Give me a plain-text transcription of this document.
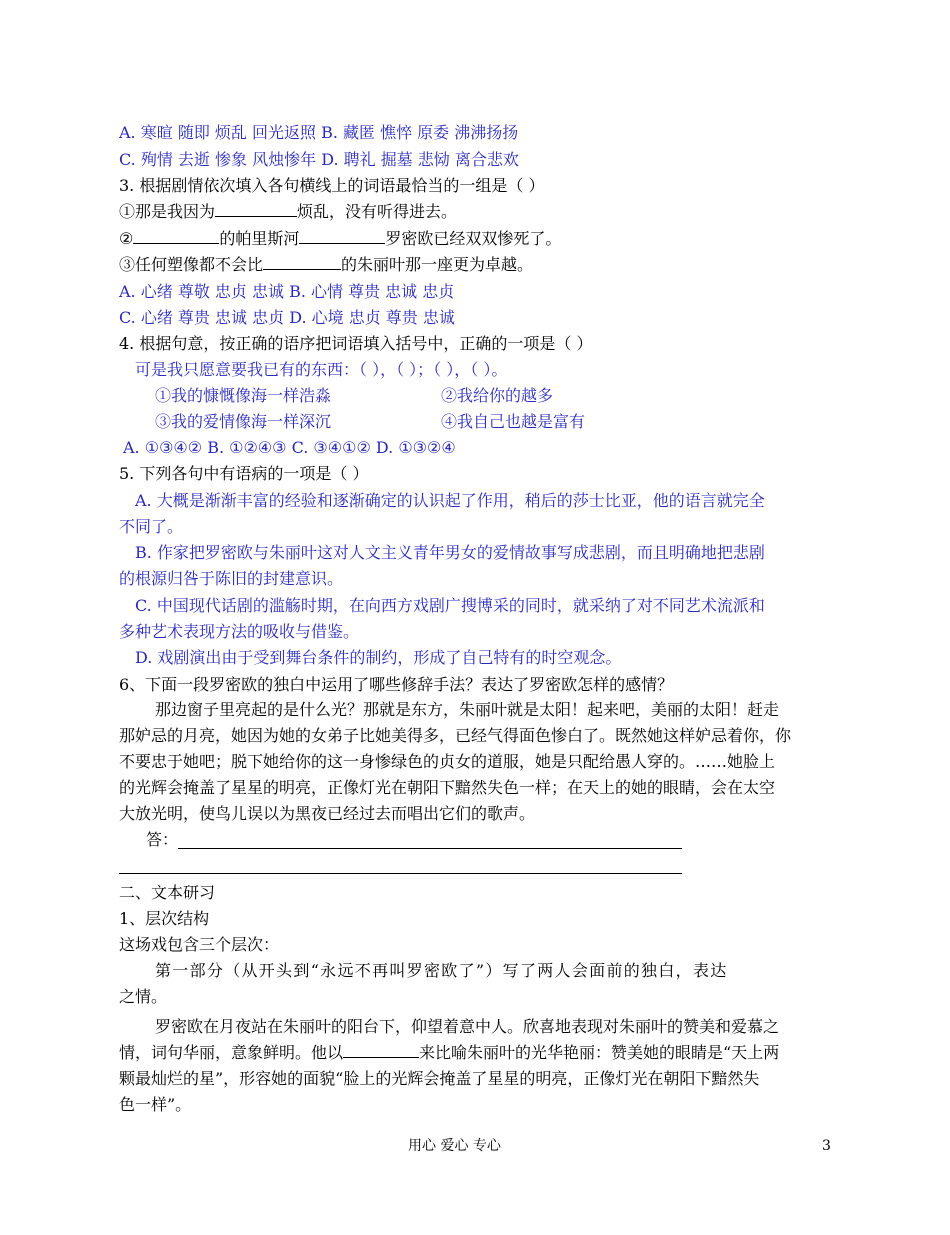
A. 寒暄 随即 烦乱 回光返照 B. 藏匿 憔悴 原委 沸沸扬扬
C. 殉情 去逝 惨象 风烛惨年 D. 聘礼 掘墓 悲恸 离合悲欢
3. 根据剧情依次填入各句横线上的词语最恰当的一组是（ ）
①那是我因为	烦乱，没有听得进去。
②	的帕里斯河	罗密欧已经双双惨死了。
③任何塑像都不会比	的朱丽叶那一座更为卓越。
A. 心绪 尊敬 忠贞 忠诚 B. 心情 尊贵 忠诚 忠贞
C. 心绪 尊贵 忠诚 忠贞 D. 心境 忠贞 尊贵 忠诚
4. 根据句意，按正确的语序把词语填入括号中，正确的一项是（ ）
可是我只愿意要我已有的东西：（ ），（ ）；（ ），（ ）。
①我的慷慨像海一样浩淼	②我给你的越多
③我的爱情像海一样深沉	④我自己也越是富有
A. ①③④② B. ①②④③ C. ③④①② D. ①③②④
5. 下列各句中有语病的一项是（ ）
A. 大概是渐渐丰富的经验和逐渐确定的认识起了作用，稍后的莎士比亚，他的语言就完全
不同了。
B. 作家把罗密欧与朱丽叶这对人文主义青年男女的爱情故事写成悲剧，而且明确地把悲剧
的根源归咎于陈旧的封建意识。
C. 中国现代话剧的滥觞时期，在向西方戏剧广搜博采的同时，就采纳了对不同艺术流派和
多种艺术表现方法的吸收与借鉴。
D. 戏剧演出由于受到舞台条件的制约，形成了自己特有的时空观念。
6、下面一段罗密欧的独白中运用了哪些修辞手法？表达了罗密欧怎样的感情？
那边窗子里亮起的是什么光？那就是东方，朱丽叶就是太阳！起来吧，美丽的太阳！赶走
那妒忌的月亮，她因为她的女弟子比她美得多，已经气得面色惨白了。既然她这样妒忌着你，你
不要忠于她吧；脱下她给你的这一身惨绿色的贞女的道服，她是只配给愚人穿的。……她脸上
的光辉会掩盖了星星的明亮，正像灯光在朝阳下黯然失色一样；在天上的她的眼睛，会在太空
大放光明，使鸟儿误以为黑夜已经过去而唱出它们的歌声。
答：
二、文本研习
1、层次结构
这场戏包含三个层次：
第一部分（从开头到“永远不再叫罗密欧了”）写了两人会面前的独白，表达
之情。
罗密欧在月夜站在朱丽叶的阳台下，仰望着意中人。欣喜地表现对朱丽叶的赞美和爱慕之
情，词句华丽，意象鲜明。他以	来比喻朱丽叶的光华艳丽：赞美她的眼睛是“天上两
颗最灿烂的星”，形容她的面貌“脸上的光辉会掩盖了星星的明亮，正像灯光在朝阳下黯然失
色一样”。
用心 爱心 专心	3
